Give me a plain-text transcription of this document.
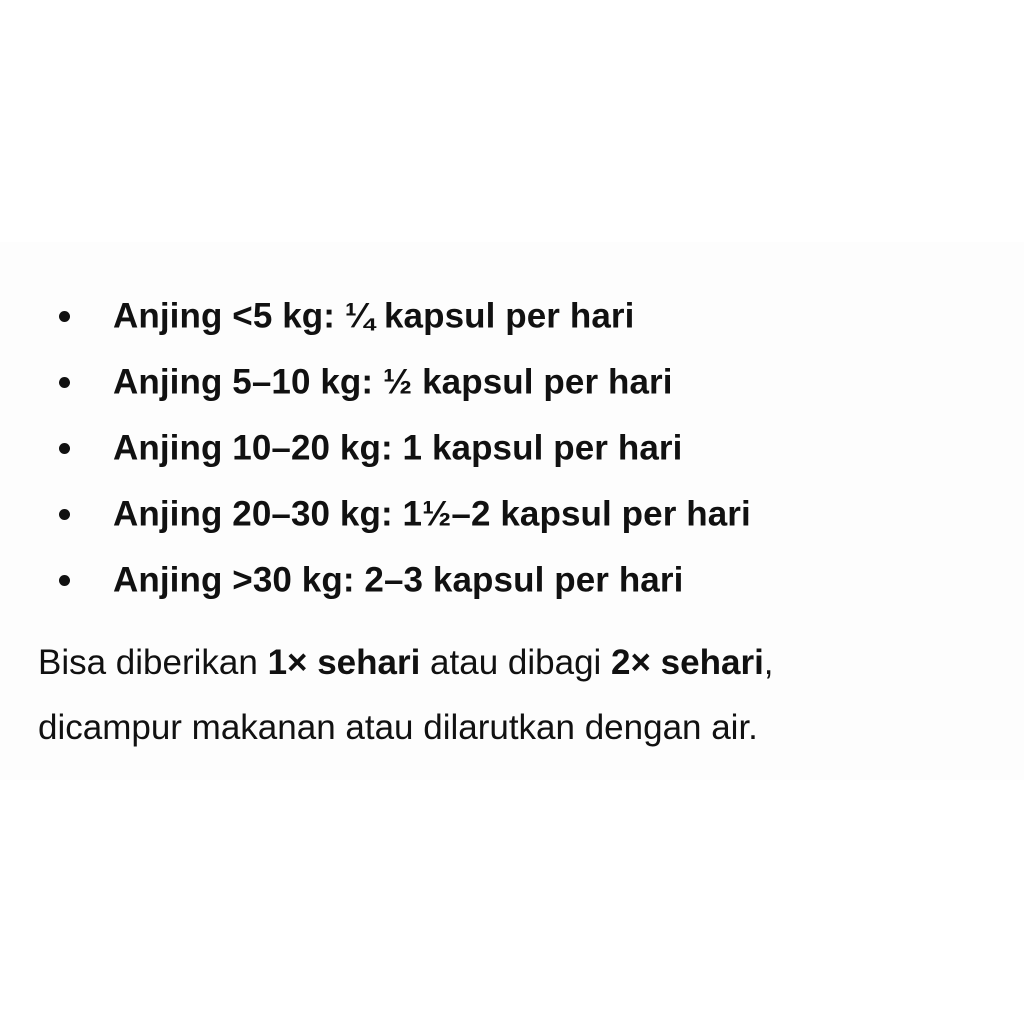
Anjing <5 kg: ¼ kapsul per hari
Anjing 5–10 kg: ½ kapsul per hari
Anjing 10–20 kg: 1 kapsul per hari
Anjing 20–30 kg: 1½–2 kapsul per hari
Anjing >30 kg: 2–3 kapsul per hari

Bisa diberikan 1× sehari atau dibagi 2× sehari,
dicampur makanan atau dilarutkan dengan air.
